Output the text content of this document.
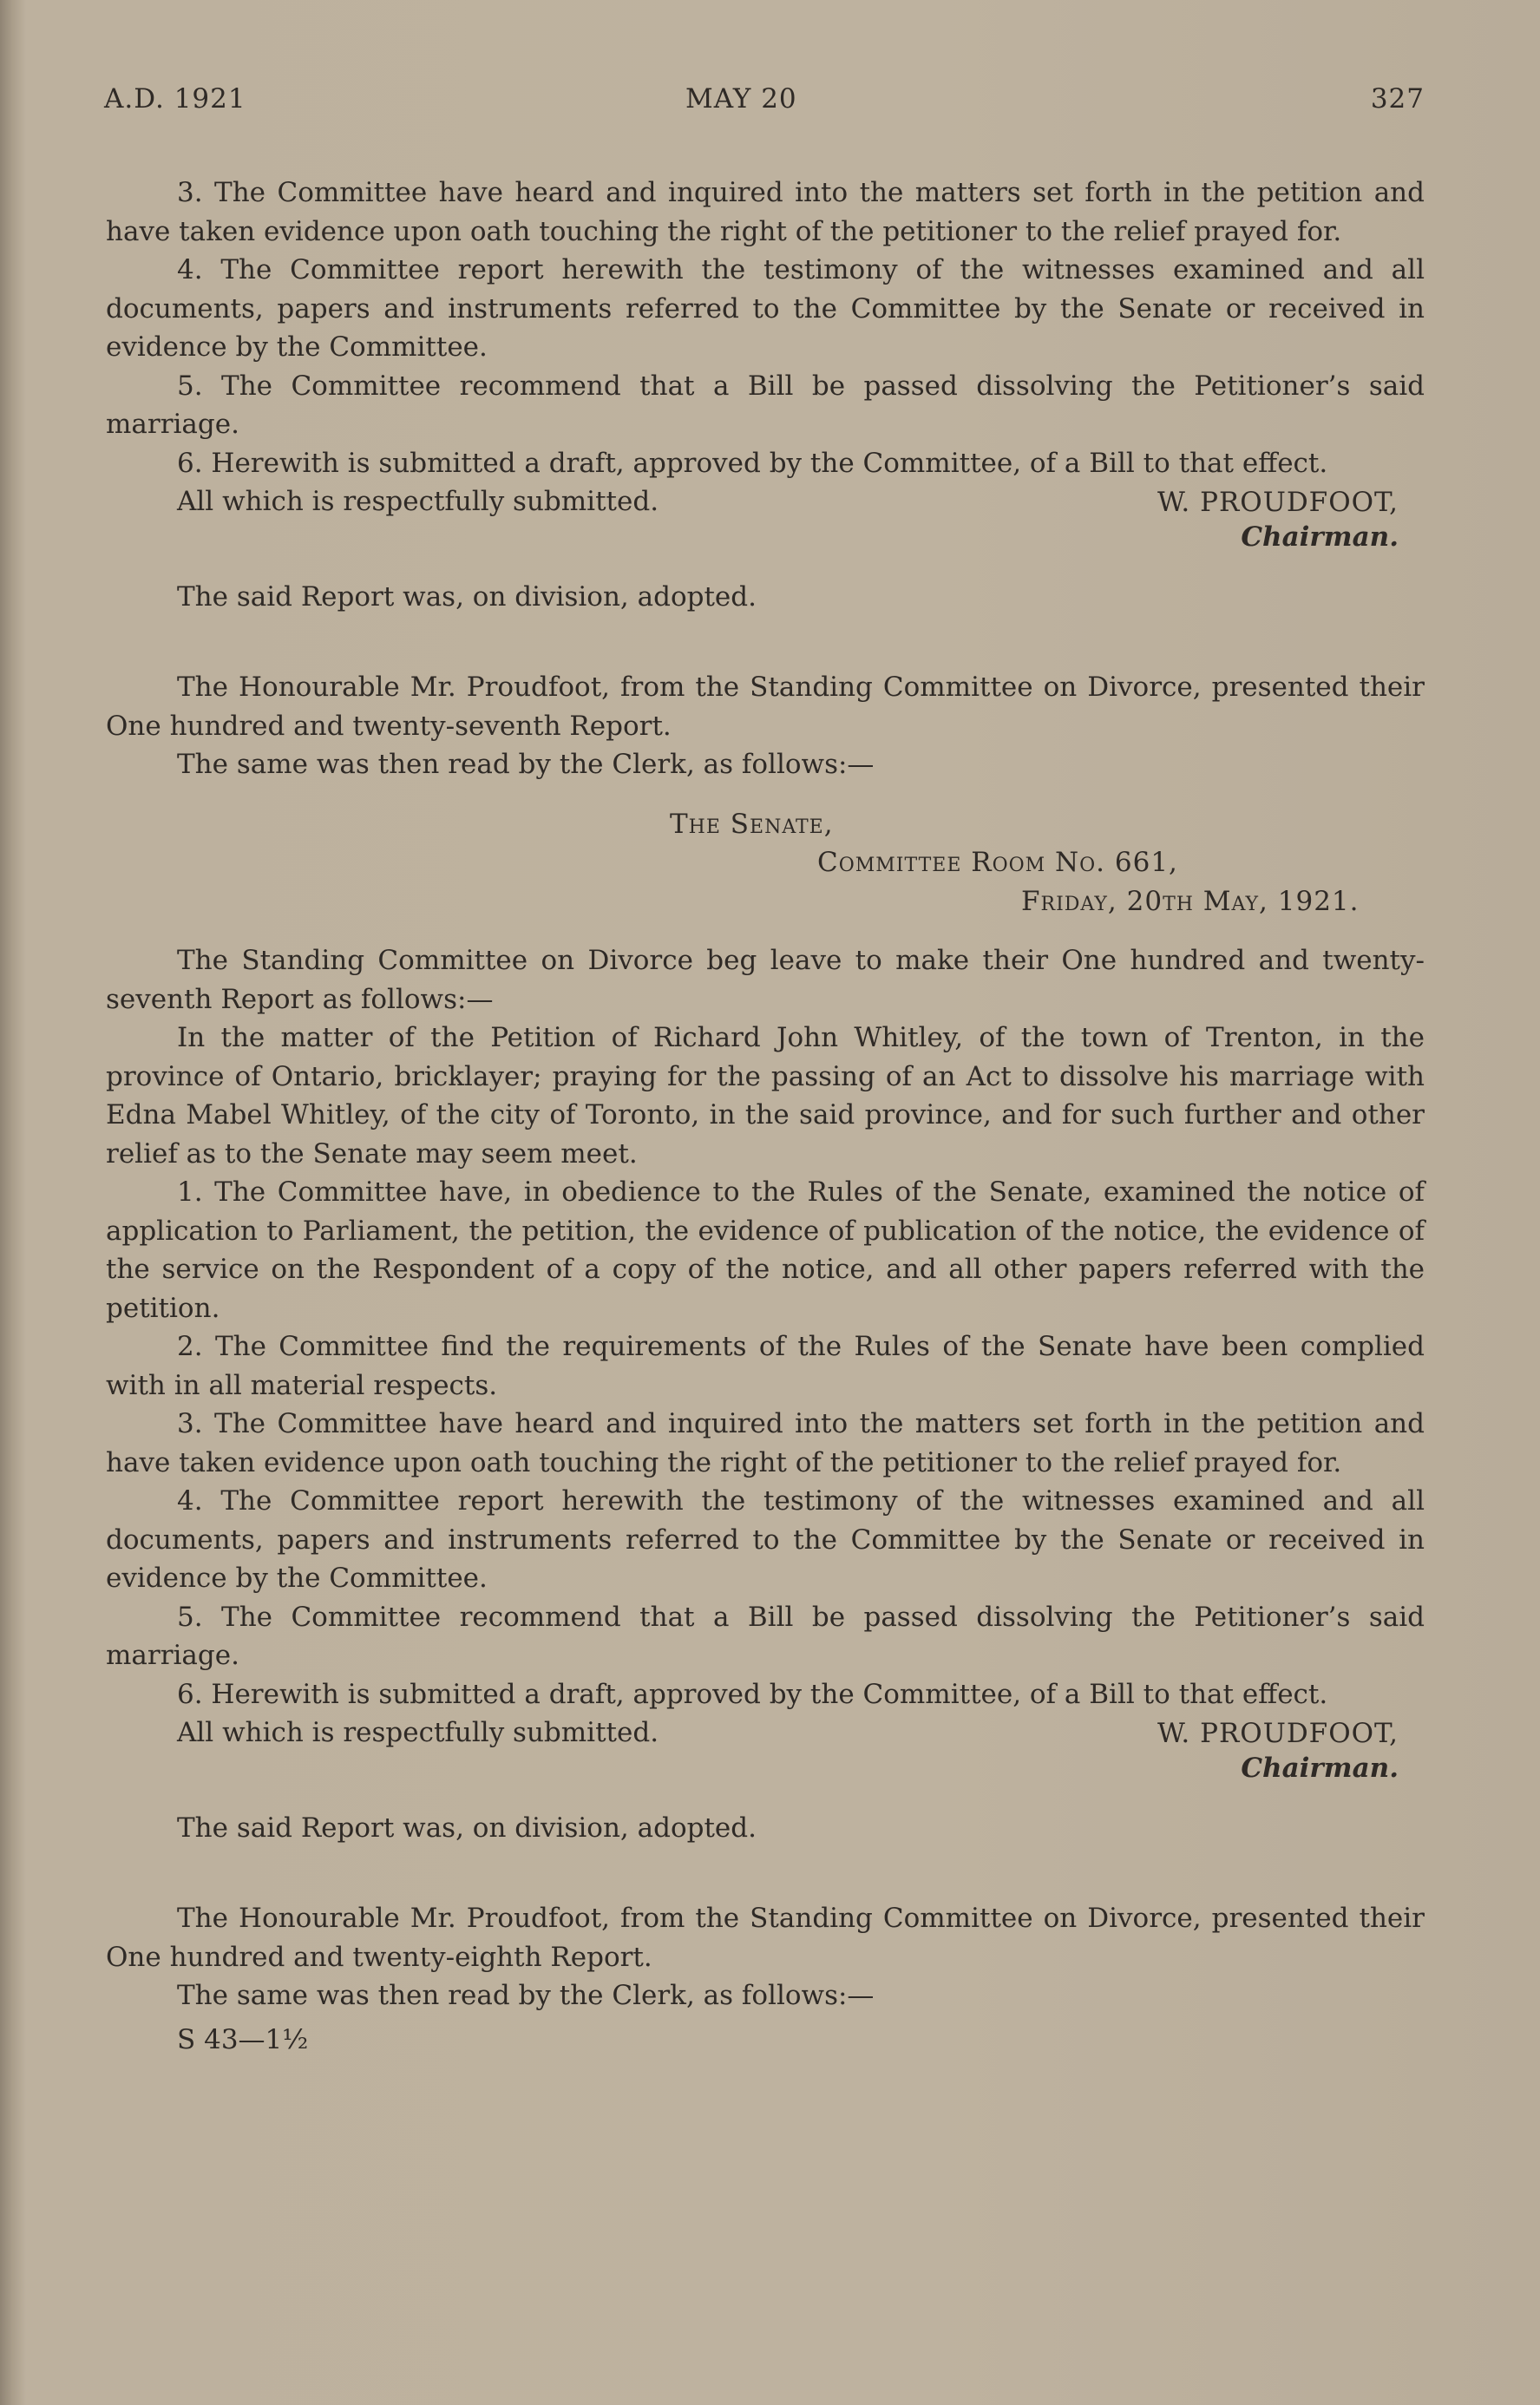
A.D. 1921	MAY 20	327

3. The Committee have heard and inquired into the matters set forth in the petition and have taken evidence upon oath touching the right of the petitioner to the relief prayed for.

4. The Committee report herewith the testimony of the witnesses examined and all documents, papers and instruments referred to the Committee by the Senate or received in evidence by the Committee.

5. The Committee recommend that a Bill be passed dissolving the Petitioner’s said marriage.

6. Herewith is submitted a draft, approved by the Committee, of a Bill to that effect.

All which is respectfully submitted.	W. PROUDFOOT,
Chairman.

The said Report was, on division, adopted.

The Honourable Mr. Proudfoot, from the Standing Committee on Divorce, presented their One hundred and twenty-seventh Report.

The same was then read by the Clerk, as follows:—

The Senate,
Committee Room No. 661,
Friday, 20th May, 1921.

The Standing Committee on Divorce beg leave to make their One hundred and twenty-seventh Report as follows:—

In the matter of the Petition of Richard John Whitley, of the town of Trenton, in the province of Ontario, bricklayer; praying for the passing of an Act to dissolve his marriage with Edna Mabel Whitley, of the city of Toronto, in the said province, and for such further and other relief as to the Senate may seem meet.

1. The Committee have, in obedience to the Rules of the Senate, examined the notice of application to Parliament, the petition, the evidence of publication of the notice, the evidence of the service on the Respondent of a copy of the notice, and all other papers referred with the petition.

2. The Committee find the requirements of the Rules of the Senate have been complied with in all material respects.

3. The Committee have heard and inquired into the matters set forth in the petition and have taken evidence upon oath touching the right of the petitioner to the relief prayed for.

4. The Committee report herewith the testimony of the witnesses examined and all documents, papers and instruments referred to the Committee by the Senate or received in evidence by the Committee.

5. The Committee recommend that a Bill be passed dissolving the Petitioner’s said marriage.

6. Herewith is submitted a draft, approved by the Committee, of a Bill to that effect.

All which is respectfully submitted.	W. PROUDFOOT,
Chairman.

The said Report was, on division, adopted.

The Honourable Mr. Proudfoot, from the Standing Committee on Divorce, presented their One hundred and twenty-eighth Report.

The same was then read by the Clerk, as follows:—

S 43—1½
